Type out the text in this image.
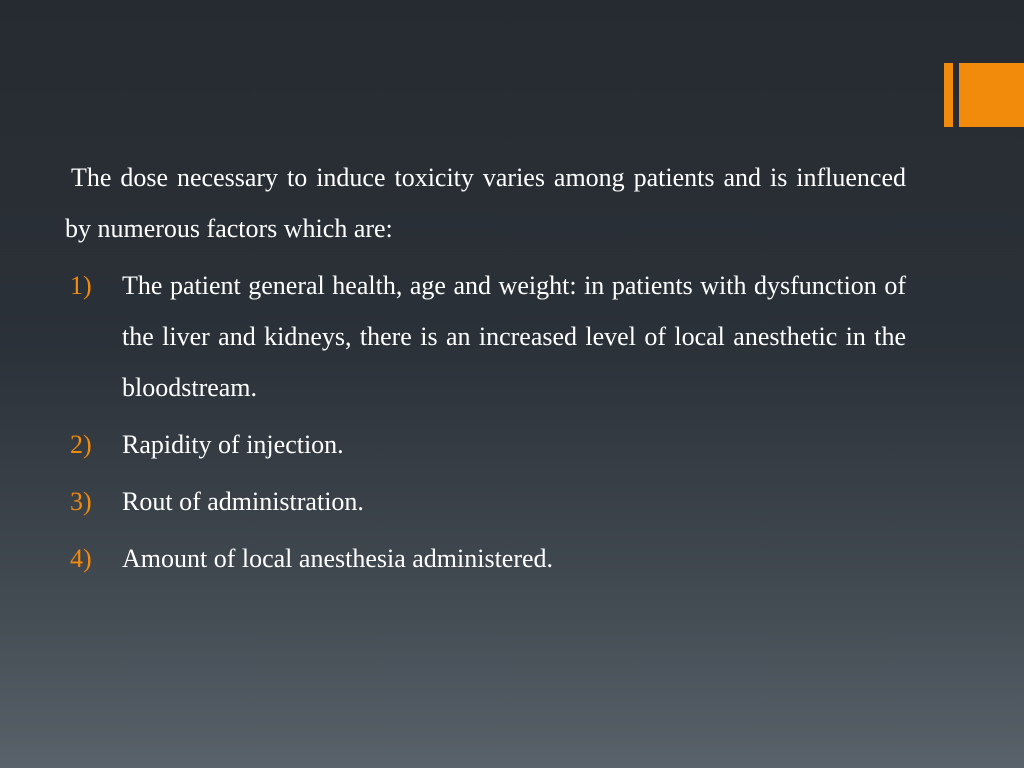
The dose necessary to induce toxicity varies among patients and is influenced by numerous factors which are:

1) The patient general health, age and weight: in patients with dysfunction of the liver and kidneys, there is an increased level of local anesthetic in the bloodstream.
2) Rapidity of injection.
3) Rout of administration.
4) Amount of local anesthesia administered.
